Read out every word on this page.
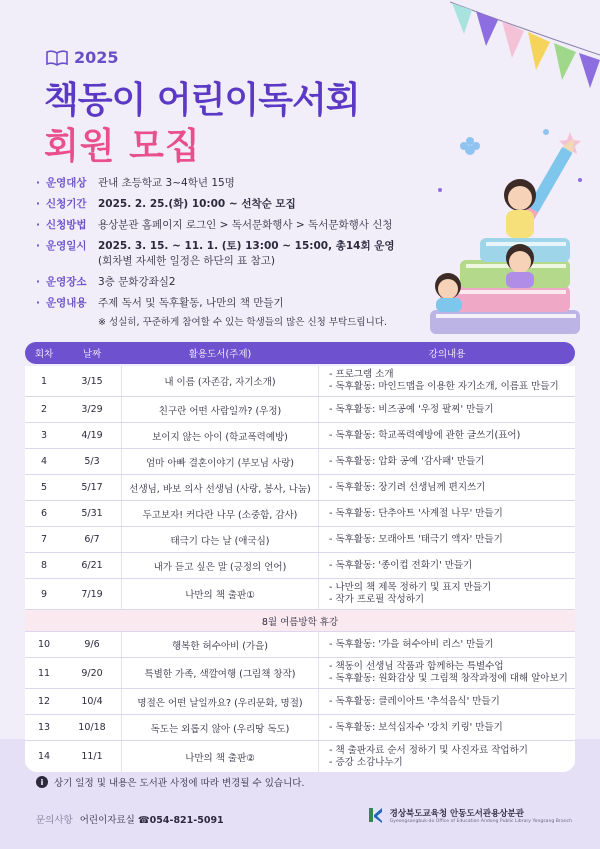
2025
책동이 어린이독서회
회원 모집
· 운영대상	관내 초등학교 3~4학년 15명
· 신청기간	2025. 2. 25.(화) 10:00 ~ 선착순 모집
· 신청방법	용상분관 홈페이지 로그인 > 독서문화행사 > 독서문화행사 신청
· 운영일시	2025. 3. 15. ~ 11. 1. (토) 13:00 ~ 15:00, 총14회 운영
(회차별 자세한 일정은 하단의 표 참고)
· 운영장소	3층 문화강좌실2
· 운영내용	주제 독서 및 독후활동, 나만의 책 만들기
※ 성실히, 꾸준하게 참여할 수 있는 학생들의 많은 신청 부탁드립니다.
회차	날짜	활용도서(주제)	강의내용
1	3/15	내 이름 (자존감, 자기소개)
- 프로그램 소개
- 독후활동: 마인드맵을 이용한 자기소개, 이름표 만들기
2	3/29	친구란 어떤 사람일까? (우정)	- 독후활동: 비즈공예 '우정 팔찌' 만들기
3	4/19	보이지 않는 아이 (학교폭력예방)	- 독후활동: 학교폭력예방에 관한 글쓰기(표어)
4	5/3	엄마 아빠 결혼이야기 (부모님 사랑)	- 독후활동: 압화 공예 '감사패' 만들기
5	5/17	선생님, 바보 의사 선생님 (사랑, 봉사, 나눔)	- 독후활동: 장기려 선생님께 편지쓰기
6	5/31	두고보자! 커다란 나무 (소중함, 감사)	- 독후활동: 단추아트 '사계절 나무' 만들기
7	6/7	태극기 다는 날 (애국심)	- 독후활동: 모래아트 '태극기 액자' 만들기
8	6/21	내가 듣고 싶은 말 (긍정의 언어)	- 독후활동: '종이컵 전화기' 만들기
9	7/19	나만의 책 출판①
- 나만의 책 제목 정하기 및 표지 만들기
- 작가 프로필 작성하기
8월 여름방학 휴강
10	9/6	행복한 허수아비 (가을)	- 독후활동: '가을 허수아비 리스' 만들기
11	9/20	특별한 가족, 색깔여행 (그림책 창작)
- 책동이 선생님 작품과 함께하는 특별수업
- 독후활동: 원화감상 및 그림책 창작과정에 대해 알아보기
12	10/4	명절은 어떤 날일까요? (우리문화, 명절)	- 독후활동: 클레이아트 '추석음식' 만들기
13	10/18	독도는 외롭지 않아 (우리땅 독도)	- 독후활동: 보석십자수 '강치 키링' 만들기
14	11/1	나만의 책 출판②
- 책 출판자료 순서 정하기 및 사진자료 작업하기
- 증강 소감나누기
i	상기 일정 및 내용은 도서관 사정에 따라 변경될 수 있습니다.
문의사항 어린이자료실 ☎054-821-5091
경상북도교육청 안동도서관용상분관
Gyeongsangbuk-do Office of Education Andong Public Library Yongsang Branch
